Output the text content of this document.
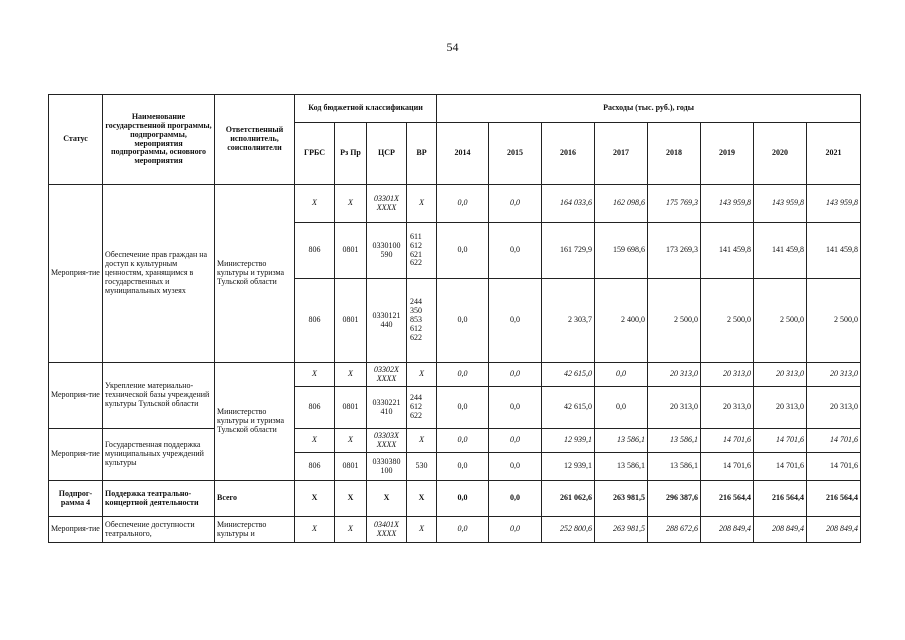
54
Статус	Наименование государственной программы, подпрограммы, мероприятия подпрограммы, основного мероприятия	Ответственный исполнитель, соисполнители	Код бюджетной классификации				Расходы (тыс. руб.), годы							
			ГРБС	Рз Пр	ЦСР	ВР	2014	2015	2016	2017	2018	2019	2020	2021
Мероприя-тие	Обеспечение прав граждан на доступ к культурным ценностям, хранящимся в государственных и муниципальных музеях	Министерство культуры и туризма Тульской области	X	X	03301X XXXX	X	0,0	0,0	164 033,6	162 098,6	175 769,3	143 959,8	143 959,8	143 959,8
			806	0801	0330100 590	611 612 621 622	0,0	0,0	161 729,9	159 698,6	173 269,3	141 459,8	141 459,8	141 459,8
			806	0801	0330121 440	244 350 853 612 622	0,0	0,0	2 303,7	2 400,0	2 500,0	2 500,0	2 500,0	2 500,0
Мероприя-тие	Укрепление материально-технической базы учреждений культуры Тульской области	Министерство культуры и туризма Тульской области	X	X	03302X XXXX	X	0,0	0,0	42 615,0	0,0	20 313,0	20 313,0	20 313,0	20 313,0
			806	0801	0330221 410	244 612 622	0,0	0,0	42 615,0	0,0	20 313,0	20 313,0	20 313,0	20 313,0
Мероприя-тие	Государственная поддержка муниципальных учреждений культуры		X	X	03303X XXXX	X	0,0	0,0	12 939,1	13 586,1	13 586,1	14 701,6	14 701,6	14 701,6
			806	0801	0330380 100	530	0,0	0,0	12 939,1	13 586,1	13 586,1	14 701,6	14 701,6	14 701,6
Подпрог-рамма 4	Поддержка театрально-концертной деятельности	Всего	X	X	X	X	0,0	0,0	261 062,6	263 981,5	296 387,6	216 564,4	216 564,4	216 564,4
Мероприя-тие	Обеспечение доступности театрального,	Министерство культуры и	X	X	03401X XXXX	X	0,0	0,0	252 800,6	263 981,5	288 672,6	208 849,4	208 849,4	208 849,4
